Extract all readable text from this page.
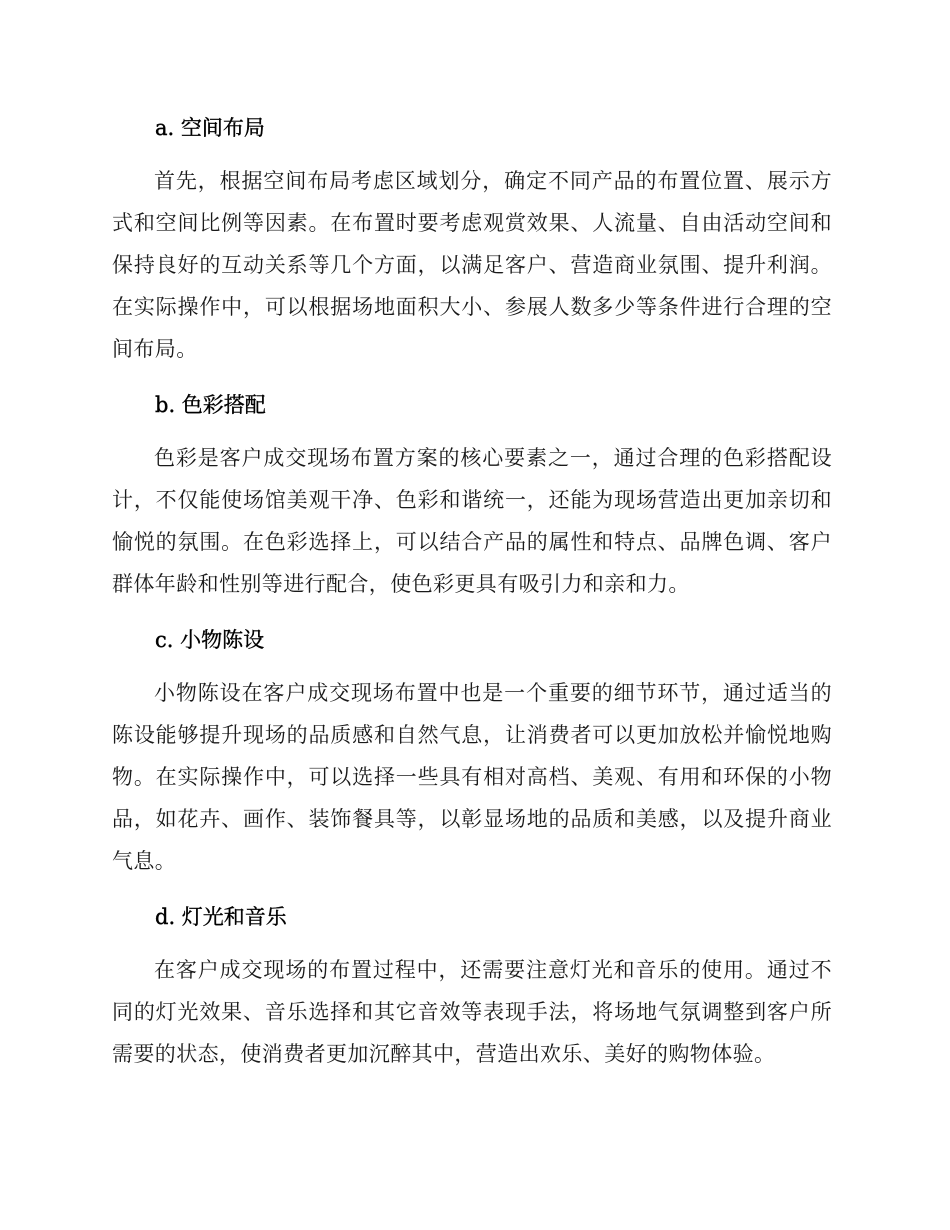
a. 空间布局

首先，根据空间布局考虑区域划分，确定不同产品的布置位置、展示方式和空间比例等因素。在布置时要考虑观赏效果、人流量、自由活动空间和保持良好的互动关系等几个方面，以满足客户、营造商业氛围、提升利润。在实际操作中，可以根据场地面积大小、参展人数多少等条件进行合理的空间布局。

b. 色彩搭配

色彩是客户成交现场布置方案的核心要素之一，通过合理的色彩搭配设计，不仅能使场馆美观干净、色彩和谐统一，还能为现场营造出更加亲切和愉悦的氛围。在色彩选择上，可以结合产品的属性和特点、品牌色调、客户群体年龄和性别等进行配合，使色彩更具有吸引力和亲和力。

c. 小物陈设

小物陈设在客户成交现场布置中也是一个重要的细节环节，通过适当的陈设能够提升现场的品质感和自然气息，让消费者可以更加放松并愉悦地购物。在实际操作中，可以选择一些具有相对高档、美观、有用和环保的小物品，如花卉、画作、装饰餐具等，以彰显场地的品质和美感，以及提升商业气息。

d. 灯光和音乐

在客户成交现场的布置过程中，还需要注意灯光和音乐的使用。通过不同的灯光效果、音乐选择和其它音效等表现手法，将场地气氛调整到客户所需要的状态，使消费者更加沉醉其中，营造出欢乐、美好的购物体验。
